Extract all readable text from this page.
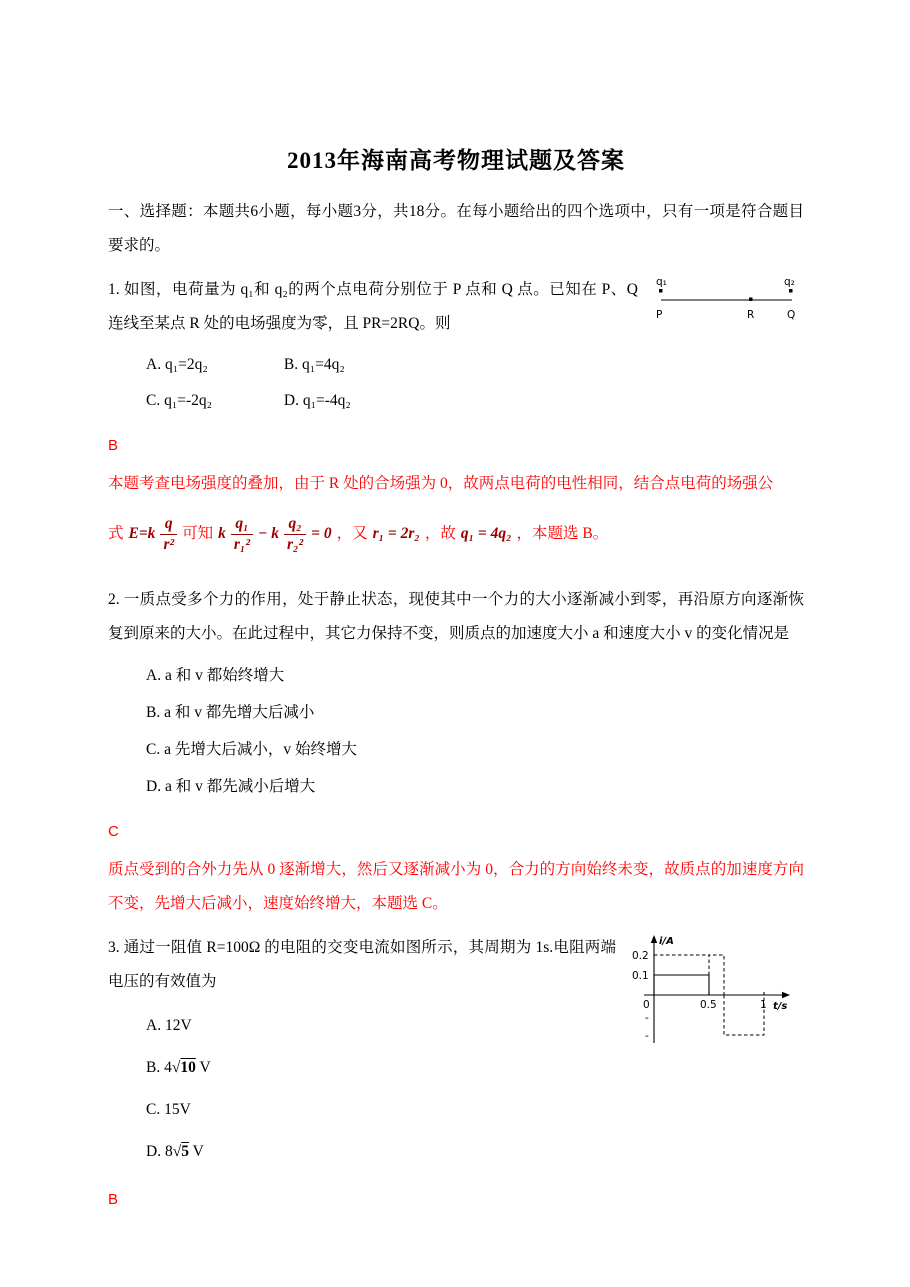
2013年海南高考物理试题及答案

一、选择题：本题共6小题，每小题3分，共18分。在每小题给出的四个选项中，只有一项是符合题目要求的。

q₁	q₂
P	R	Q

1. 如图，电荷量为 q₁和 q₂的两个点电荷分别位于 P 点和 Q 点。已知在 P、Q 连线至某点 R 处的电场强度为零，且 PR=2RQ。则

A. q₁=2q₂	B. q₁=4q₂
C. q₁=-2q₂	D. q₁=-4q₂
B

本题考查电场强度的叠加，由于 R 处的合场强为 0，故两点电荷的电性相同，结合点电荷的场强公

式 $E=k \frac{q}{\text{r²}}$ 可知 k $\frac{\text{q₁}}{\text{r₁²}} - k \frac{\text{q₂}}{\text{r₂²}} = 0$ ，又 r₁ = 2r₂ ，故 q₁ = 4q₂ ，本题选 B。

2. 一质点受多个力的作用，处于静止状态，现使其中一个力的大小逐渐减小到零，再沿原方向逐渐恢复到原来的大小。在此过程中，其它力保持不变，则质点的加速度大小 a 和速度大小 v 的变化情况是

A. a 和 v 都始终增大
B. a 和 v 都先增大后减小
C. a 先增大后减小，v 始终增大
D. a 和 v 都先减小后增大
C

质点受到的合外力先从 0 逐渐增大，然后又逐渐减小为 0，合力的方向始终未变，故质点的加速度方向不变，先增大后减小，速度始终增大，本题选 C。

i/A
t/s
0.2
0.1
0
-
-
0.5	1

3. 通过一阻值 R=100Ω 的电阻的交变电流如图所示，其周期为 1s.电阻两端电压的有效值为

A. 12V
B. 4√10 V
C. 15V
D. 8√5 V
B
